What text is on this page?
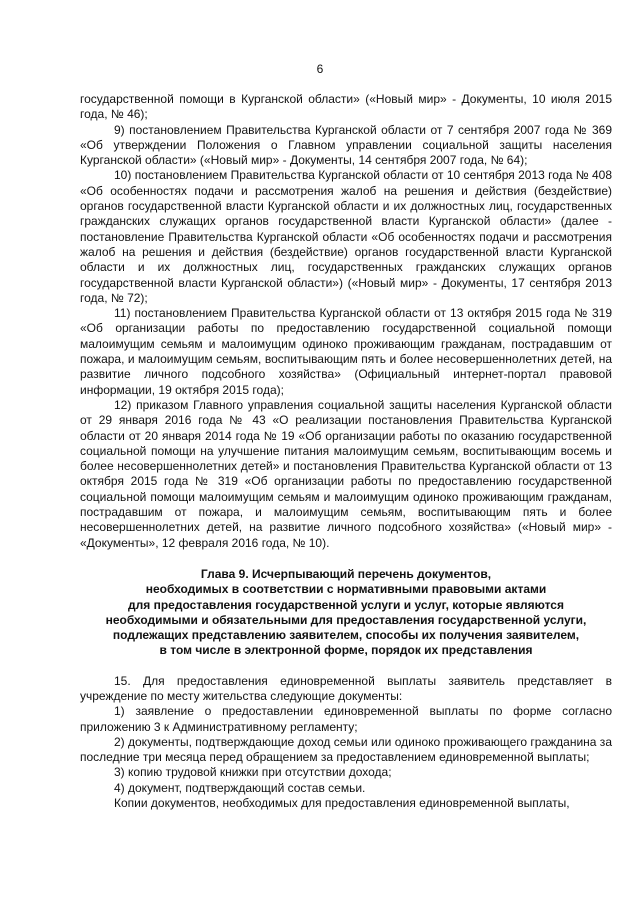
6

государственной помощи в Курганской области» («Новый мир» - Документы, 10 июля 2015 года, № 46);

9) постановлением Правительства Курганской области от 7 сентября 2007 года № 369 «Об утверждении Положения о Главном управлении социальной защиты населения Курганской области» («Новый мир» - Документы, 14 сентября 2007 года, № 64);

10) постановлением Правительства Курганской области от 10 сентября 2013 года № 408 «Об особенностях подачи и рассмотрения жалоб на решения и действия (бездействие) органов государственной власти Курганской области и их должностных лиц, государственных гражданских служащих органов государственной власти Курганской области» (далее - постановление Правительства Курганской области «Об особенностях подачи и рассмотрения жалоб на решения и действия (бездействие) органов государственной власти Курганской области и их должностных лиц, государственных гражданских служащих органов государственной власти Курганской области») («Новый мир» - Документы, 17 сентября 2013 года, № 72);

11) постановлением Правительства Курганской области от 13 октября 2015 года № 319 «Об организации работы по предоставлению государственной социальной помощи малоимущим семьям и малоимущим одиноко проживающим гражданам, пострадавшим от пожара, и малоимущим семьям, воспитывающим пять и более несовершеннолетних детей, на развитие личного подсобного хозяйства» (Официальный интернет-портал правовой информации, 19 октября 2015 года);

12) приказом Главного управления социальной защиты населения Курганской области от 29 января 2016 года № 43 «О реализации постановления Правительства Курганской области от 20 января 2014 года № 19 «Об организации работы по оказанию государственной социальной помощи на улучшение питания малоимущим семьям, воспитывающим восемь и более несовершеннолетних детей» и постановления Правительства Курганской области от 13 октября 2015 года № 319 «Об организации работы по предоставлению государственной социальной помощи малоимущим семьям и малоимущим одиноко проживающим гражданам, пострадавшим от пожара, и малоимущим семьям, воспитывающим пять и более несовершеннолетних детей, на развитие личного подсобного хозяйства» («Новый мир» - «Документы», 12 февраля 2016 года, № 10).

Глава 9. Исчерпывающий перечень документов,
необходимых в соответствии с нормативными правовыми актами
для предоставления государственной услуги и услуг, которые являются
необходимыми и обязательными для предоставления государственной услуги,
подлежащих представлению заявителем, способы их получения заявителем,
в том числе в электронной форме, порядок их представления

15. Для предоставления единовременной выплаты заявитель представляет в учреждение по месту жительства следующие документы:

1) заявление о предоставлении единовременной выплаты по форме согласно приложению 3 к Административному регламенту;

2) документы, подтверждающие доход семьи или одиноко проживающего гражданина за последние три месяца перед обращением за предоставлением единовременной выплаты;

3) копию трудовой книжки при отсутствии дохода;

4) документ, подтверждающий состав семьи.

Копии документов, необходимых для предоставления единовременной выплаты,
